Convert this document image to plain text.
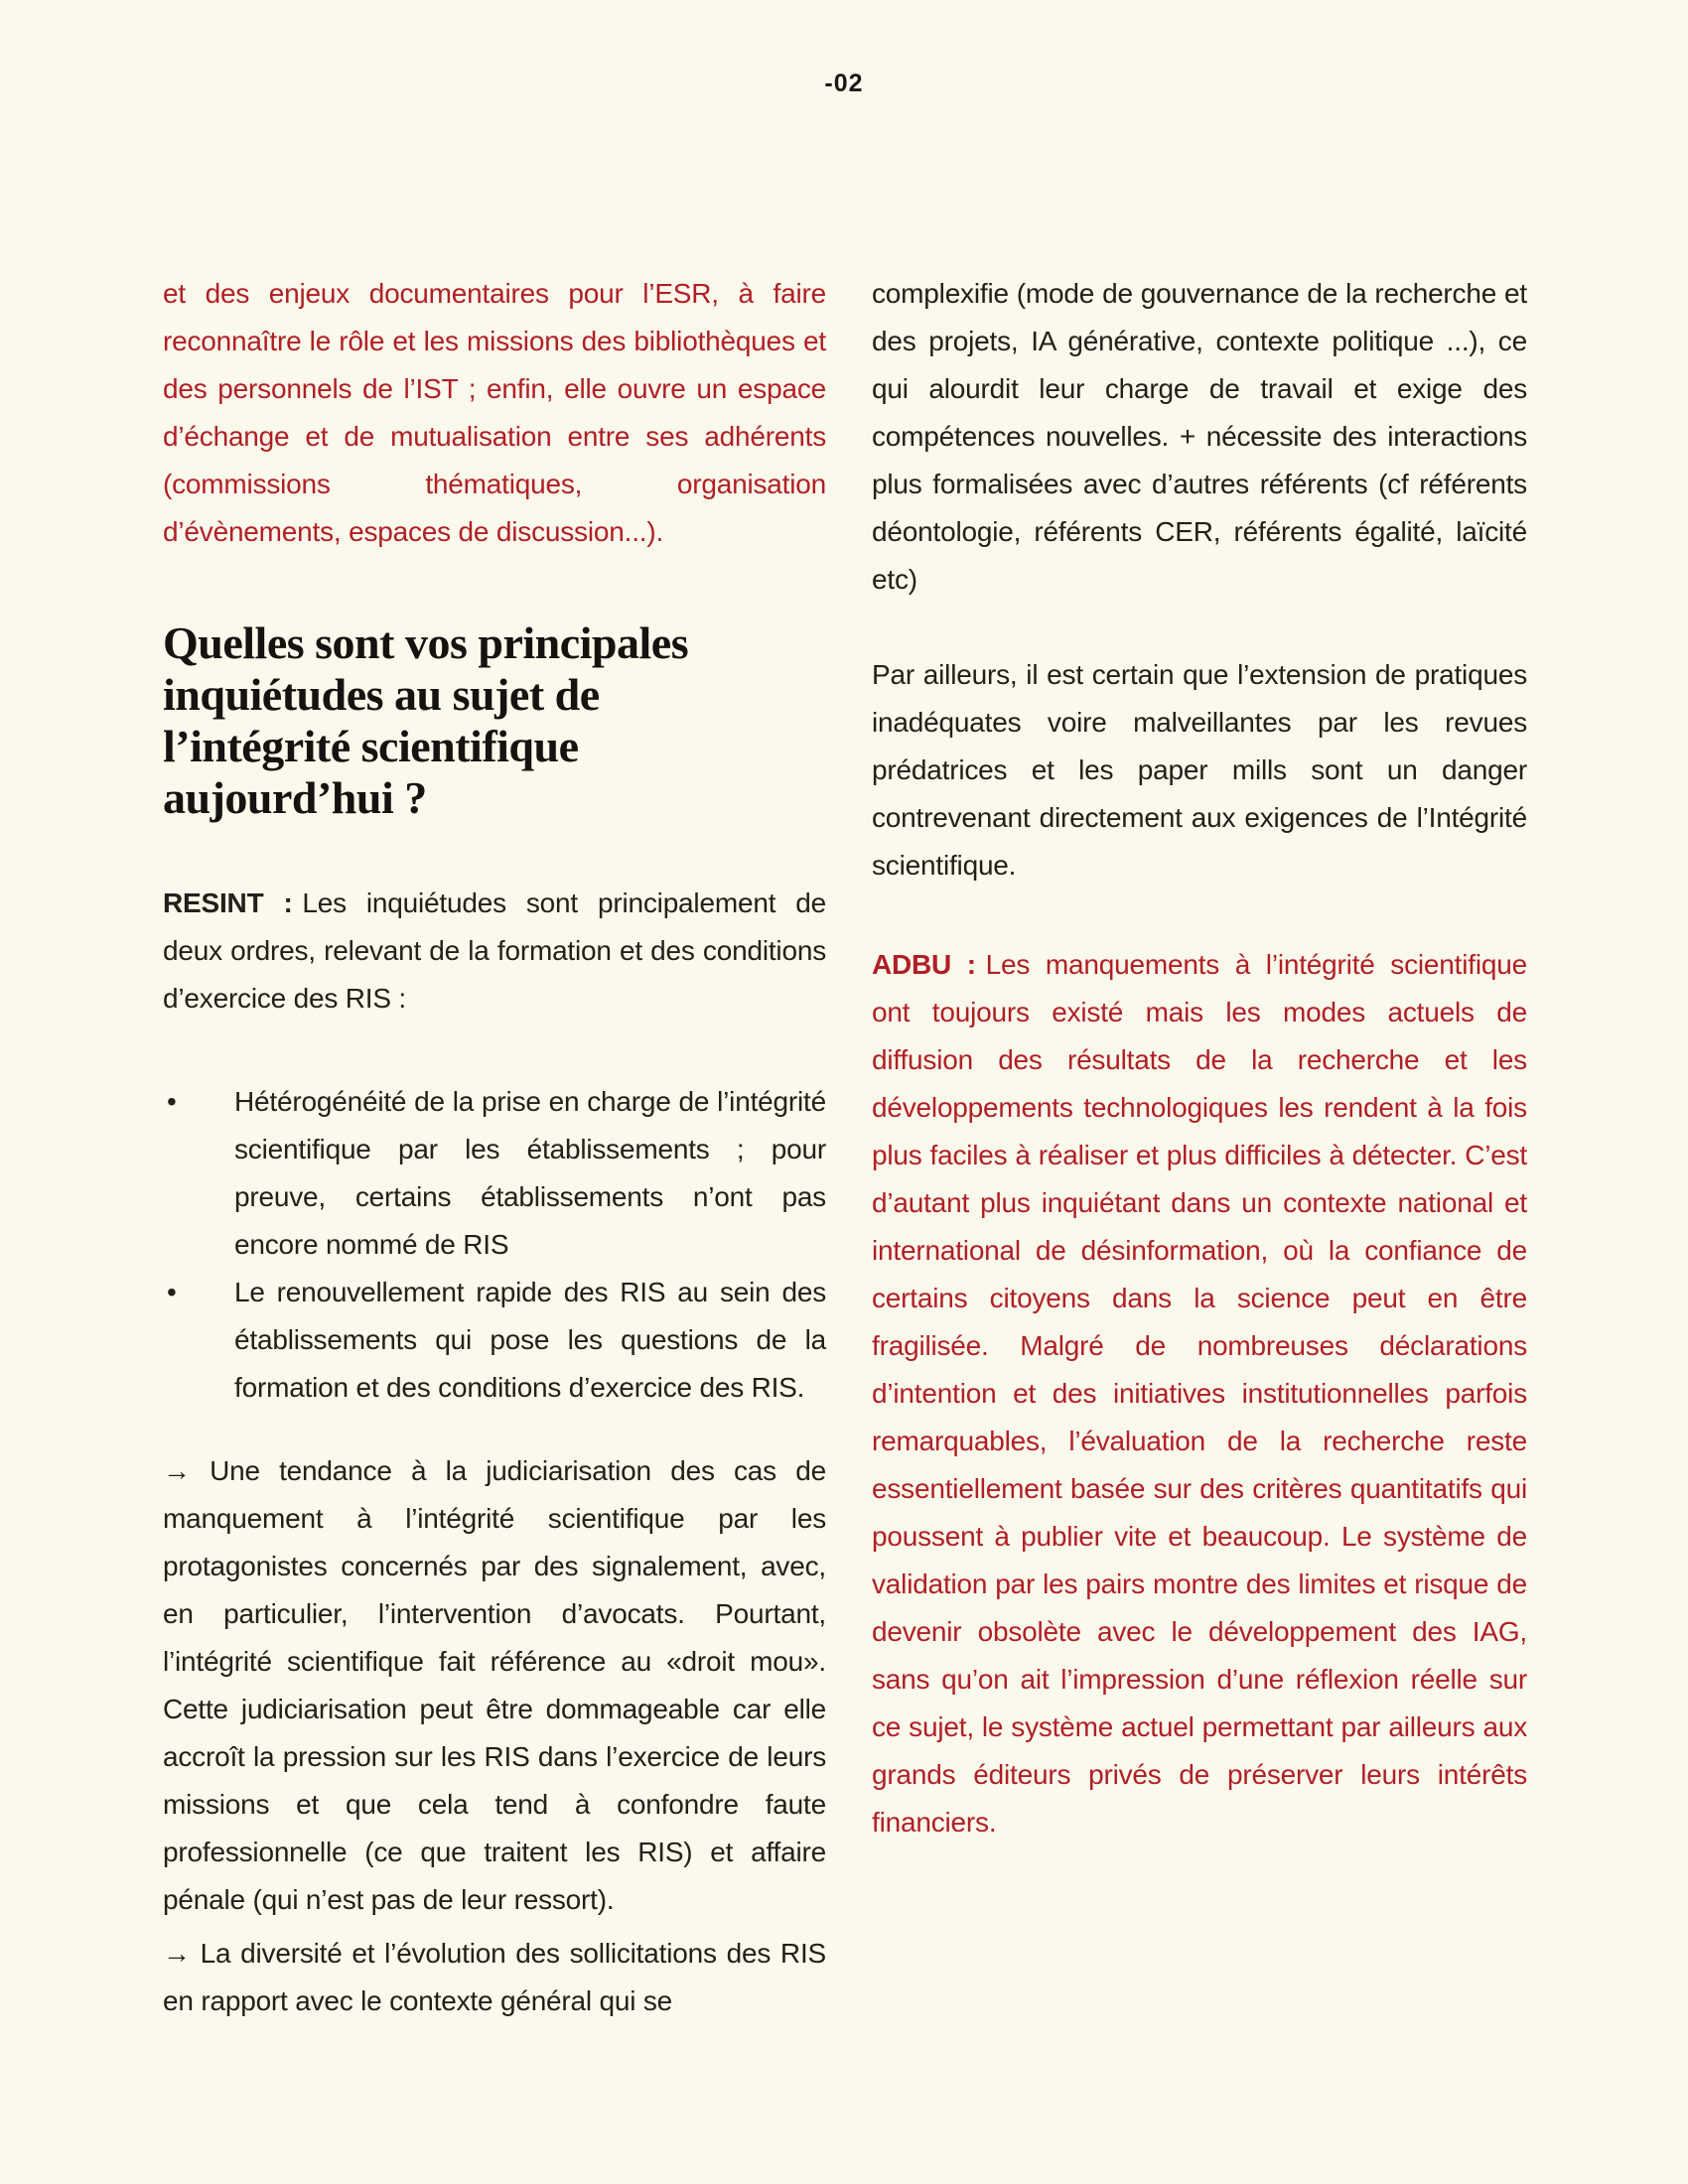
-02

et des enjeux documentaires pour l’ESR, à faire reconnaître le rôle et les missions des bibliothèques et des personnels de l’IST ; enfin, elle ouvre un espace d’échange et de mutualisation entre ses adhérents (commissions thématiques, organisation d’évènements, espaces de discussion...).

Quelles sont vos principales
inquiétudes au sujet de
l’intégrité scientifique
aujourd’hui ?

RESINT : Les inquiétudes sont principalement de deux ordres, relevant de la formation et des conditions d’exercice des RIS :

• Hétérogénéité de la prise en charge de l’intégrité scientifique par les établissements ; pour preuve, certains établissements n’ont pas encore nommé de RIS
• Le renouvellement rapide des RIS au sein des établissements qui pose les questions de la formation et des conditions d’exercice des RIS.

→ Une tendance à la judiciarisation des cas de manquement à l’intégrité scientifique par les protagonistes concernés par des signalement, avec, en particulier, l’intervention d’avocats. Pourtant, l’intégrité scientifique fait référence au «droit mou». Cette judiciarisation peut être dommageable car elle accroît la pression sur les RIS dans l’exercice de leurs missions et que cela tend à confondre faute professionnelle (ce que traitent les RIS) et affaire pénale (qui n’est pas de leur ressort).

→ La diversité et l’évolution des sollicitations des RIS en rapport avec le contexte général qui se

complexifie (mode de gouvernance de la recherche et des projets, IA générative, contexte politique ...), ce qui alourdit leur charge de travail et exige des compétences nouvelles. + nécessite des interactions plus formalisées avec d’autres référents (cf référents déontologie, référents CER, référents égalité, laïcité etc)

Par ailleurs, il est certain que l’extension de pratiques inadéquates voire malveillantes par les revues prédatrices et les paper mills sont un danger contrevenant directement aux exigences de l’Intégrité scientifique.

ADBU : Les manquements à l’intégrité scientifique ont toujours existé mais les modes actuels de diffusion des résultats de la recherche et les développements technologiques les rendent à la fois plus faciles à réaliser et plus difficiles à détecter. C’est d’autant plus inquiétant dans un contexte national et international de désinformation, où la confiance de certains citoyens dans la science peut en être fragilisée. Malgré de nombreuses déclarations d’intention et des initiatives institutionnelles parfois remarquables, l’évaluation de la recherche reste essentiellement basée sur des critères quantitatifs qui poussent à publier vite et beaucoup. Le système de validation par les pairs montre des limites et risque de devenir obsolète avec le développement des IAG, sans qu’on ait l’impression d’une réflexion réelle sur ce sujet, le système actuel permettant par ailleurs aux grands éditeurs privés de préserver leurs intérêts financiers.
